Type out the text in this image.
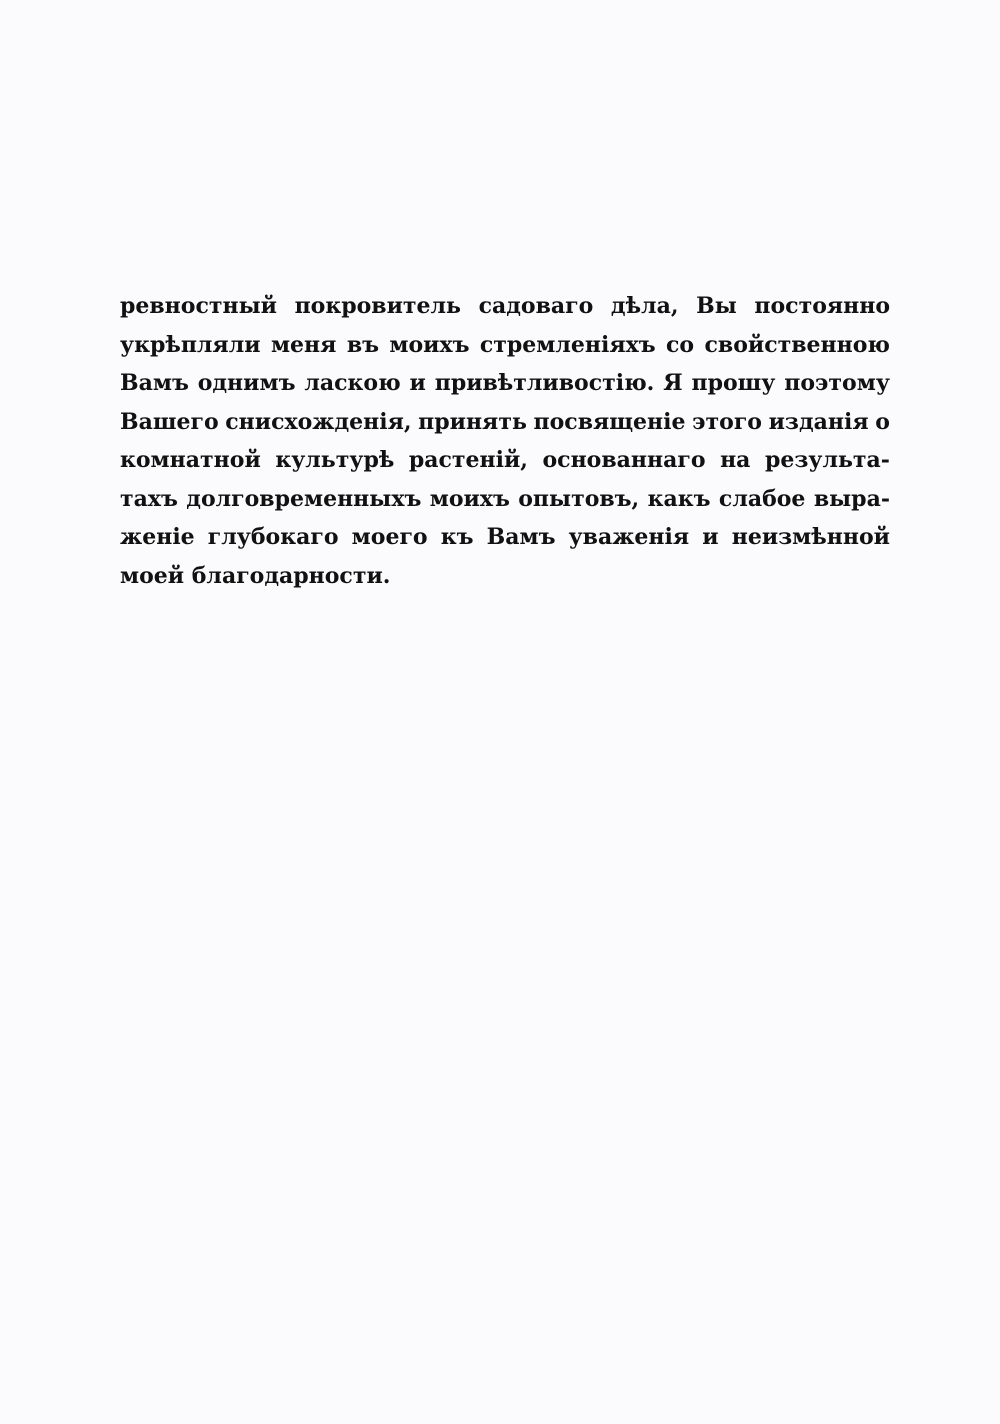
ревностный покровитель садоваго дѣла, Вы постоянно
укрѣпляли меня въ моихъ стремленіяхъ со свойственною
Вамъ однимъ ласкою и привѣтливостію. Я прошу поэтому
Вашего снисхожденія, принять посвященіе этого изданія о
комнатной культурѣ растеній, основаннаго на результа-
тахъ долговременныхъ моихъ опытовъ, какъ слабое выра-
женіе глубокаго моего къ Вамъ уваженія и неизмѣнной
моей благодарности.
